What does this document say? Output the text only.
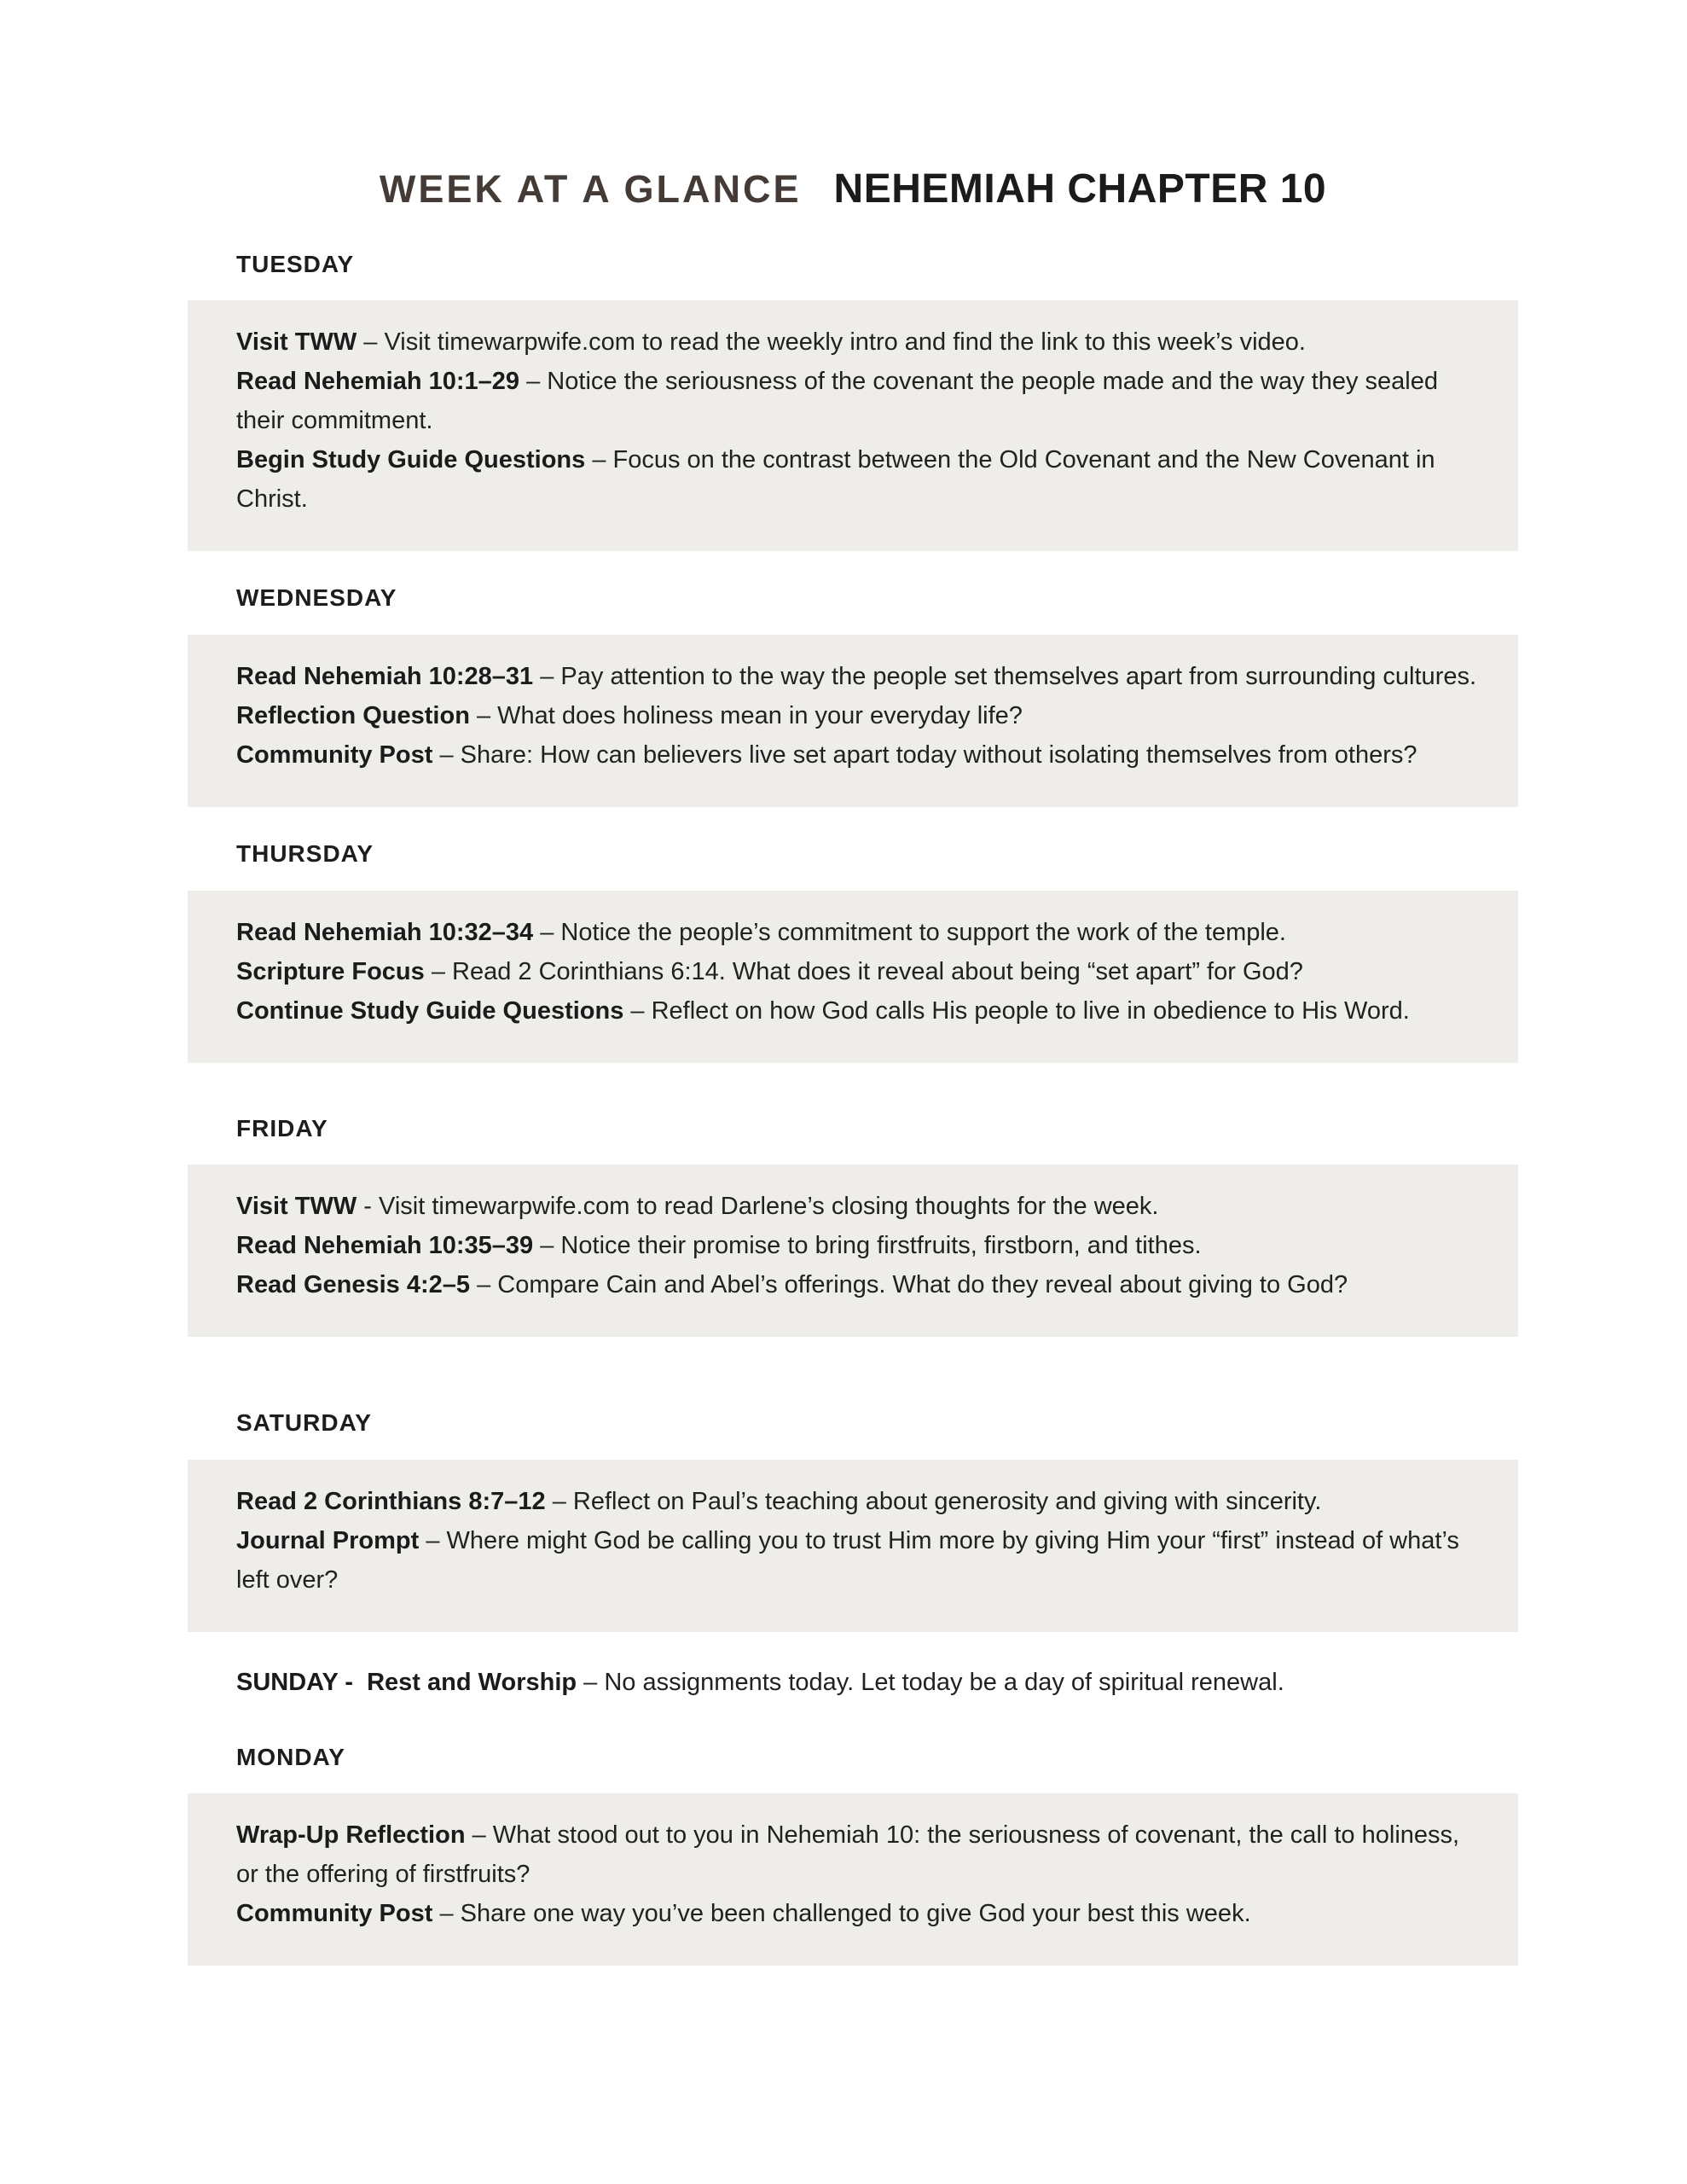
WEEK AT A GLANCE NEHEMIAH CHAPTER 10
TUESDAY

Visit TWW – Visit timewarpwife.com to read the weekly intro and find the link to this week’s video.

Read Nehemiah 10:1–29 – Notice the seriousness of the covenant the people made and the way they sealed their commitment.

Begin Study Guide Questions – Focus on the contrast between the Old Covenant and the New Covenant in Christ.

WEDNESDAY

Read Nehemiah 10:28–31 – Pay attention to the way the people set themselves apart from surrounding cultures.

Reflection Question – What does holiness mean in your everyday life?

Community Post – Share: How can believers live set apart today without isolating themselves from others?

THURSDAY

Read Nehemiah 10:32–34 – Notice the people’s commitment to support the work of the temple.

Scripture Focus – Read 2 Corinthians 6:14. What does it reveal about being “set apart” for God?

Continue Study Guide Questions – Reflect on how God calls His people to live in obedience to His Word.

FRIDAY

Visit TWW - Visit timewarpwife.com to read Darlene’s closing thoughts for the week.

Read Nehemiah 10:35–39 – Notice their promise to bring firstfruits, firstborn, and tithes.

Read Genesis 4:2–5 – Compare Cain and Abel’s offerings. What do they reveal about giving to God?

SATURDAY

Read 2 Corinthians 8:7–12 – Reflect on Paul’s teaching about generosity and giving with sincerity.

Journal Prompt – Where might God be calling you to trust Him more by giving Him your “first” instead of what’s left over?

SUNDAY -  Rest and Worship – No assignments today. Let today be a day of spiritual renewal.

MONDAY

Wrap-Up Reflection – What stood out to you in Nehemiah 10: the seriousness of covenant, the call to holiness, or the offering of firstfruits?

Community Post – Share one way you’ve been challenged to give God your best this week.
